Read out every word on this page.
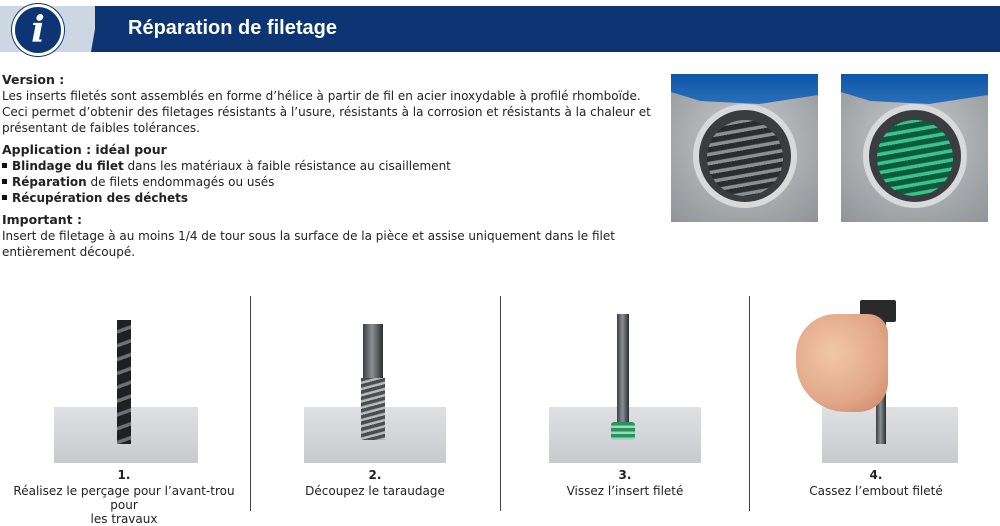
i	Réparation de filetage
Version :
Les inserts filetés sont assemblés en forme d’hélice à partir de fil en acier inoxydable à profilé rhomboïde.
Ceci permet d’obtenir des filetages résistants à l’usure, résistants à la corrosion et résistants à la chaleur et
présentant de faibles tolérances.
Application : idéal pour
Blindage du filet dans les matériaux à faible résistance au cisaillement
Réparation de filets endommagés ou usés
Récupération des déchets
Important :
Insert de filetage à au moins 1/4 de tour sous la surface de la pièce et assise uniquement dans le filet
entièrement découpé.
1.
Réalisez le perçage pour l’avant-trou pour
les travaux
2.
Découpez le taraudage
3.
Vissez l’insert fileté
4.
Cassez l’embout fileté
